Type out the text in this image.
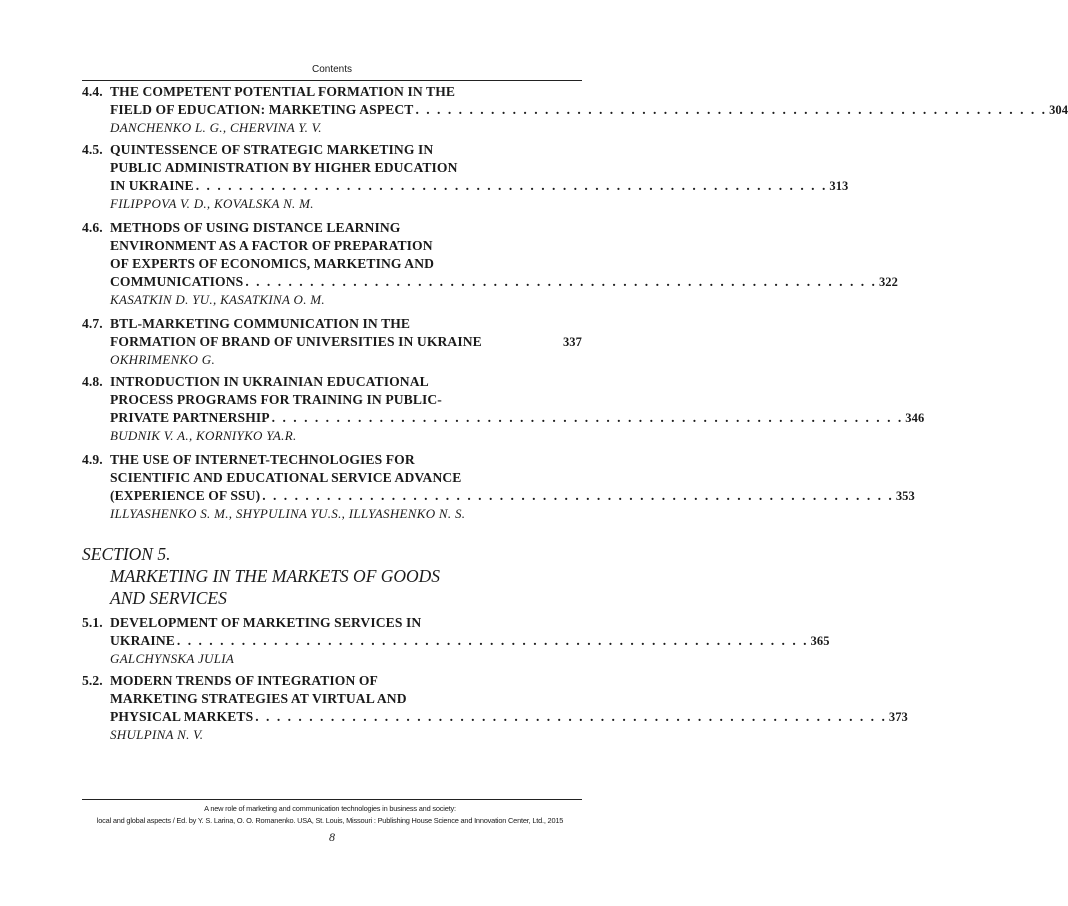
Contents
4.4. THE COMPETENT POTENTIAL FORMATION IN THE
FIELD OF EDUCATION: MARKETING ASPECT . . . . . . . . . . . . . . . . . . . . . . . . . . . . . . . . . . . . . . . . . . . . . . . . . . . . . . . . . . . 304
DANCHENKO L. G., CHERVINA Y. V.
4.5. QUINTESSENCE OF STRATEGIC MARKETING IN
PUBLIC ADMINISTRATION BY HIGHER EDUCATION
IN UKRAINE . . . . . . . . . . . . . . . . . . . . . . . . . . . . . . . . . . . . . . . . . . . . . . . . . . . . . . . . . . . 313
FILIPPOVA V. D., KOVALSKA N. M.
4.6. METHODS OF USING DISTANCE LEARNING
ENVIRONMENT AS A FACTOR OF PREPARATION
OF EXPERTS OF ECONOMICS, MARKETING AND
COMMUNICATIONS . . . . . . . . . . . . . . . . . . . . . . . . . . . . . . . . . . . . . . . . . . . . . . . . . . . . . . . . . . . 322
KASATKIN D. YU., KASATKINA O. M.
4.7. BTL-MARKETING COMMUNICATION IN THE
FORMATION OF BRAND OF UNIVERSITIES IN UKRAINE	337
OKHRIMENKO G.
4.8. INTRODUCTION IN UKRAINIAN EDUCATIONAL
PROCESS PROGRAMS FOR TRAINING IN PUBLIC-
PRIVATE PARTNERSHIP . . . . . . . . . . . . . . . . . . . . . . . . . . . . . . . . . . . . . . . . . . . . . . . . . . . . . . . . . . . 346
BUDNIK V. A., KORNIYKO YA.R.
4.9. THE USE OF INTERNET-TECHNOLOGIES FOR
SCIENTIFIC AND EDUCATIONAL SERVICE ADVANCE
(EXPERIENCE OF SSU) . . . . . . . . . . . . . . . . . . . . . . . . . . . . . . . . . . . . . . . . . . . . . . . . . . . . . . . . . . . 353
ILLYASHENKO S. M., SHYPULINA YU.S., ILLYASHENKO N. S.
SECTION 5.
MARKETING IN THE MARKETS OF GOODS
AND SERVICES
5.1. DEVELOPMENT OF MARKETING SERVICES IN
UKRAINE . . . . . . . . . . . . . . . . . . . . . . . . . . . . . . . . . . . . . . . . . . . . . . . . . . . . . . . . . . . 365
GALCHYNSKA JULIA
5.2. MODERN TRENDS OF INTEGRATION OF
MARKETING STRATEGIES AT VIRTUAL AND
PHYSICAL MARKETS . . . . . . . . . . . . . . . . . . . . . . . . . . . . . . . . . . . . . . . . . . . . . . . . . . . . . . . . . . . 373
SHULPINA N. V.
A new role of marketing and communication technologies in business and society:
local and global aspects / Ed. by Y. S. Larina, O. O. Romanenko. USA, St. Louis, Missouri : Publishing House Science and Innovation Center, Ltd., 2015
8
